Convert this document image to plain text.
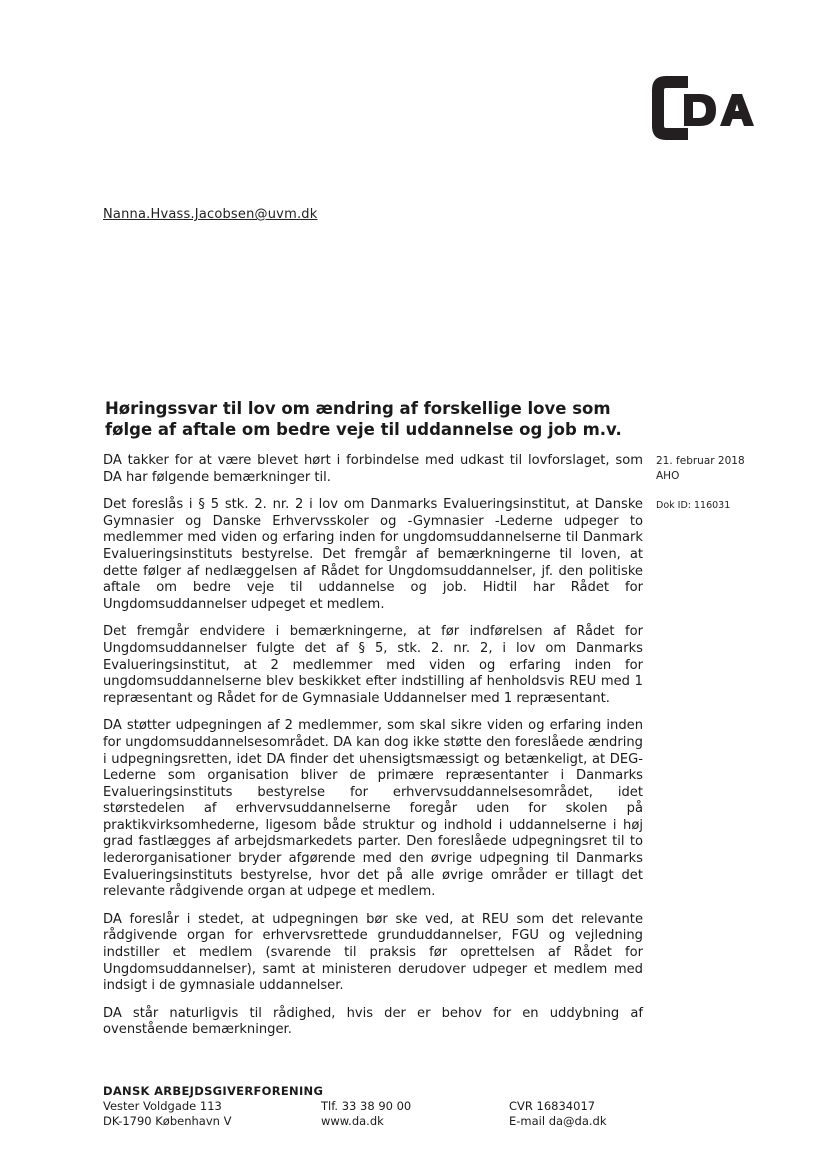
Nanna.Hvass.Jacobsen@uvm.dk
Høringssvar til lov om ændring af forskellige love som følge af aftale om bedre veje til uddannelse og job m.v.
21. februar 2018
AHO
Dok ID: 116031

DA takker for at være blevet hørt i forbindelse med udkast til lovforslaget, som DA har følgende bemærkninger til.

Det foreslås i § 5 stk. 2. nr. 2 i lov om Danmarks Evalueringsinstitut, at Danske Gymnasier og Danske Erhvervsskoler og -Gymnasier -Lederne udpeger to medlemmer med viden og erfaring inden for ungdomsuddannelserne til Danmark Evalueringsinstituts bestyrelse. Det fremgår af bemærkningerne til loven, at dette følger af nedlæggelsen af Rådet for Ungdomsuddannelser, jf. den politiske aftale om bedre veje til uddannelse og job. Hidtil har Rådet for Ungdomsuddannelser udpeget et medlem.

Det fremgår endvidere i bemærkningerne, at før indførelsen af Rådet for Ungdomsuddannelser fulgte det af § 5, stk. 2. nr. 2, i lov om Danmarks Evalueringsinstitut, at 2 medlemmer med viden og erfaring inden for ungdomsuddannelserne blev beskikket efter indstilling af henholdsvis REU med 1 repræsentant og Rådet for de Gymnasiale Uddannelser med 1 repræsentant.

DA støtter udpegningen af 2 medlemmer, som skal sikre viden og erfaring inden for ungdomsuddannelsesområdet. DA kan dog ikke støtte den foreslåede ændring i udpegningsretten, idet DA finder det uhensigtsmæssigt og betænkeligt, at DEG-Lederne som organisation bliver de primære repræsentanter i Danmarks Evalueringsinstituts bestyrelse for erhvervsuddannelsesområdet, idet størstedelen af erhvervsuddannelserne foregår uden for skolen på praktikvirksomhederne, ligesom både struktur og indhold i uddannelserne i høj grad fastlægges af arbejdsmarkedets parter. Den foreslåede udpegningsret til to lederorganisationer bryder afgørende med den øvrige udpegning til Danmarks Evalueringsinstituts bestyrelse, hvor det på alle øvrige områder er tillagt det relevante rådgivende organ at udpege et medlem.

DA foreslår i stedet, at udpegningen bør ske ved, at REU som det relevante rådgivende organ for erhvervsrettede grunduddannelser, FGU og vejledning indstiller et medlem (svarende til praksis før oprettelsen af Rådet for Ungdomsuddannelser), samt at ministeren derudover udpeger et medlem med indsigt i de gymnasiale uddannelser.

DA står naturligvis til rådighed, hvis der er behov for en uddybning af ovenstående bemærkninger.

DANSK ARBEJDSGIVERFORENING
Vester Voldgade 113
DK-1790 København V
Tlf. 33 38 90 00
www.da.dk
CVR 16834017
E-mail da@da.dk
